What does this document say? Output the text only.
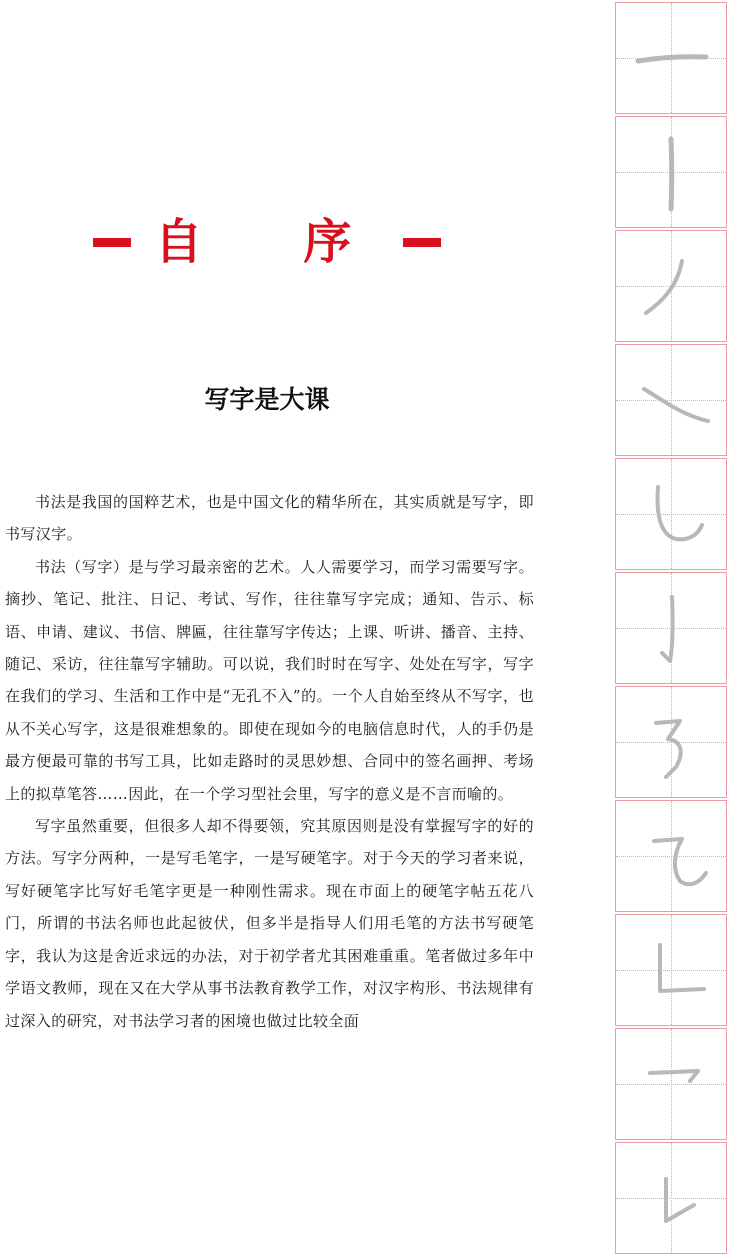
自 序
写字是大课

书法是我国的国粹艺术，也是中国文化的精华所在，其实质就是写字，即书写汉字。

书法（写字）是与学习最亲密的艺术。人人需要学习，而学习需要写字。摘抄、笔记、批注、日记、考试、写作，往往靠写字完成；通知、告示、标语、申请、建议、书信、牌匾，往往靠写字传达；上课、听讲、播音、主持、随记、采访，往往靠写字辅助。可以说，我们时时在写字、处处在写字，写字在我们的学习、生活和工作中是“无孔不入”的。一个人自始至终从不写字，也从不关心写字，这是很难想象的。即使在现如今的电脑信息时代，人的手仍是最方便最可靠的书写工具，比如走路时的灵思妙想、合同中的签名画押、考场上的拟草笔答……因此，在一个学习型社会里，写字的意义是不言而喻的。

写字虽然重要，但很多人却不得要领，究其原因则是没有掌握写字的好的方法。写字分两种，一是写毛笔字，一是写硬笔字。对于今天的学习者来说，写好硬笔字比写好毛笔字更是一种刚性需求。现在市面上的硬笔字帖五花八门，所谓的书法名师也此起彼伏，但多半是指导人们用毛笔的方法书写硬笔字，我认为这是舍近求远的办法，对于初学者尤其困难重重。笔者做过多年中学语文教师，现在又在大学从事书法教育教学工作，对汉字构形、书法规律有过深入的研究，对书法学习者的困境也做过比较全面
